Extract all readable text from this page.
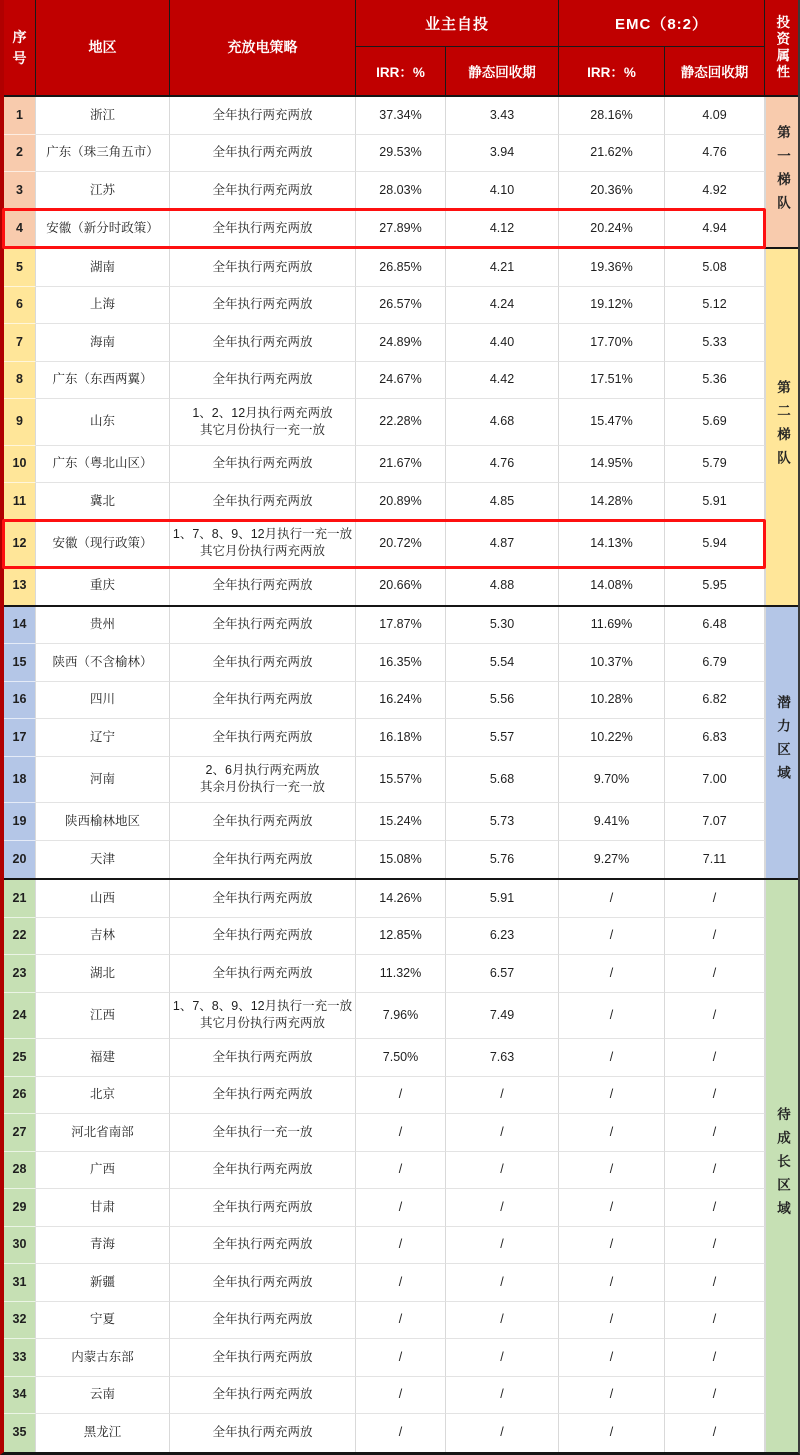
序号
地区	充放电策略
业主自投
IRR：%	静态回收期
EMC（8:2）
IRR：%	静态回收期	投资属性
1	浙江	全年执行两充两放	37.34%	3.43	28.16%	4.09
2	广东（珠三角五市）	全年执行两充两放	29.53%	3.94	21.62%	4.76
3	江苏	全年执行两充两放	28.03%	4.10	20.36%	4.92
4	安徽（新分时政策）	全年执行两充两放	27.89%	4.12	20.24%	4.94
第一梯队
5	湖南	全年执行两充两放	26.85%	4.21	19.36%	5.08
6	上海	全年执行两充两放	26.57%	4.24	19.12%	5.12
7	海南	全年执行两充两放	24.89%	4.40	17.70%	5.33
8	广东（东西两翼）	全年执行两充两放	24.67%	4.42	17.51%	5.36
9	山东
1、2、12月执行两充两放
其它月份执行一充一放
22.28%	4.68	15.47%	5.69
10	广东（粤北山区）	全年执行两充两放	21.67%	4.76	14.95%	5.79
11	冀北	全年执行两充两放	20.89%	4.85	14.28%	5.91
12	安徽（现行政策）
1、7、8、9、12月执行一充一放
其它月份执行两充两放
20.72%	4.87	14.13%	5.94
13	重庆	全年执行两充两放	20.66%	4.88	14.08%	5.95
第二梯队
14	贵州	全年执行两充两放	17.87%	5.30	11.69%	6.48
15	陕西（不含榆林）	全年执行两充两放	16.35%	5.54	10.37%	6.79
16	四川	全年执行两充两放	16.24%	5.56	10.28%	6.82
17	辽宁	全年执行两充两放	16.18%	5.57	10.22%	6.83
18	河南
2、6月执行两充两放
其余月份执行一充一放
15.57%	5.68	9.70%	7.00
19	陕西榆林地区	全年执行两充两放	15.24%	5.73	9.41%	7.07
20	天津	全年执行两充两放	15.08%	5.76	9.27%	7.11
潜力区域
21	山西	全年执行两充两放	14.26%	5.91	/	/
22	吉林	全年执行两充两放	12.85%	6.23	/	/
23	湖北	全年执行两充两放	11.32%	6.57	/	/
24	江西
1、7、8、9、12月执行一充一放
其它月份执行两充两放
7.96%	7.49	/	/
25	福建	全年执行两充两放	7.50%	7.63	/	/
26	北京	全年执行两充两放	/	/	/	/
27	河北省南部	全年执行一充一放	/	/	/	/
28	广西	全年执行两充两放	/	/	/	/
29	甘肃	全年执行两充两放	/	/	/	/
30	青海	全年执行两充两放	/	/	/	/
31	新疆	全年执行两充两放	/	/	/	/
32	宁夏	全年执行两充两放	/	/	/	/
33	内蒙古东部	全年执行两充两放	/	/	/	/
34	云南	全年执行两充两放	/	/	/	/
35	黑龙江	全年执行两充两放	/	/	/	/
待成长区域
